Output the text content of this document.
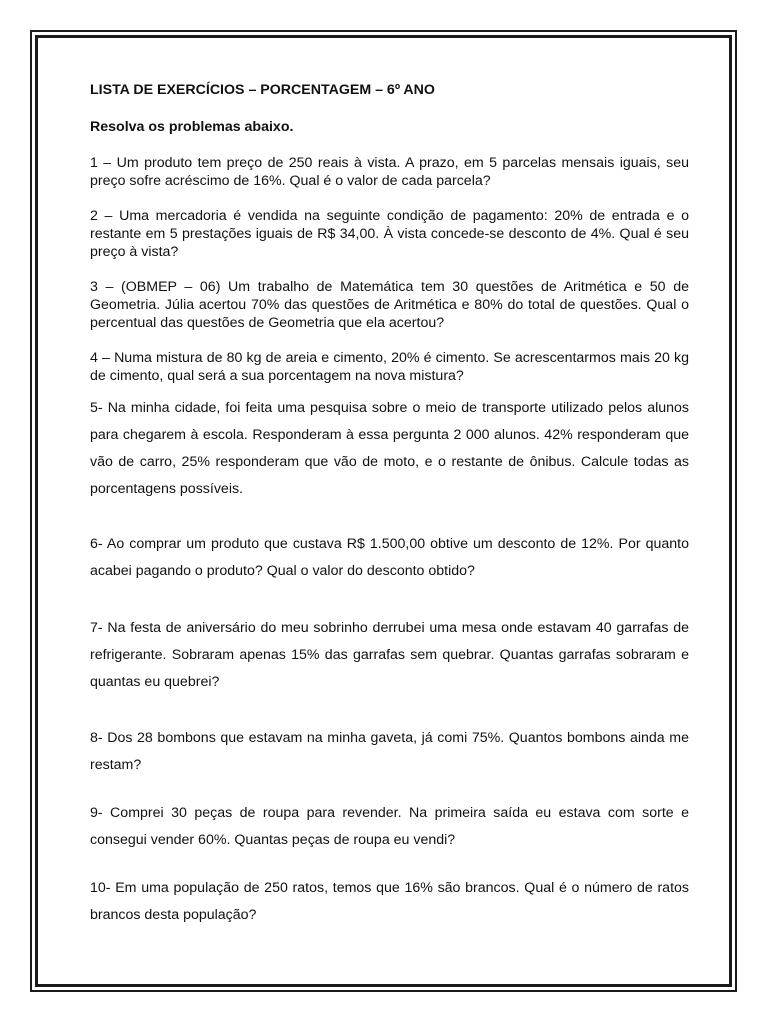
LISTA DE EXERCÍCIOS – PORCENTAGEM – 6º ANO

Resolva os problemas abaixo.

1 – Um produto tem preço de 250 reais à vista. A prazo, em 5 parcelas mensais iguais, seu preço sofre acréscimo de 16%. Qual é o valor de cada parcela?

2 – Uma mercadoria é vendida na seguinte condição de pagamento: 20% de entrada e o restante em 5 prestações iguais de R$ 34,00. À vista concede-se desconto de 4%. Qual é seu preço à vista?

3 – (OBMEP – 06) Um trabalho de Matemática tem 30 questões de Aritmética e 50 de Geometria. Júlia acertou 70% das questões de Aritmética e 80% do total de questões. Qual o percentual das questões de Geometria que ela acertou?

4 – Numa mistura de 80 kg de areia e cimento, 20% é cimento. Se acrescentarmos mais 20 kg de cimento, qual será a sua porcentagem na nova mistura?

5- Na minha cidade, foi feita uma pesquisa sobre o meio de transporte utilizado pelos alunos para chegarem à escola. Responderam à essa pergunta 2 000 alunos. 42% responderam que vão de carro, 25% responderam que vão de moto, e o restante de ônibus. Calcule todas as porcentagens possíveis.

6- Ao comprar um produto que custava R$ 1.500,00 obtive um desconto de 12%. Por quanto acabei pagando o produto? Qual o valor do desconto obtido?

7- Na festa de aniversário do meu sobrinho derrubei uma mesa onde estavam 40 garrafas de refrigerante. Sobraram apenas 15% das garrafas sem quebrar. Quantas garrafas sobraram e quantas eu quebrei?

8- Dos 28 bombons que estavam na minha gaveta, já comi 75%. Quantos bombons ainda me restam?

9- Comprei 30 peças de roupa para revender. Na primeira saída eu estava com sorte e consegui vender 60%. Quantas peças de roupa eu vendi?

10- Em uma população de 250 ratos, temos que 16% são brancos. Qual é o número de ratos brancos desta população?
